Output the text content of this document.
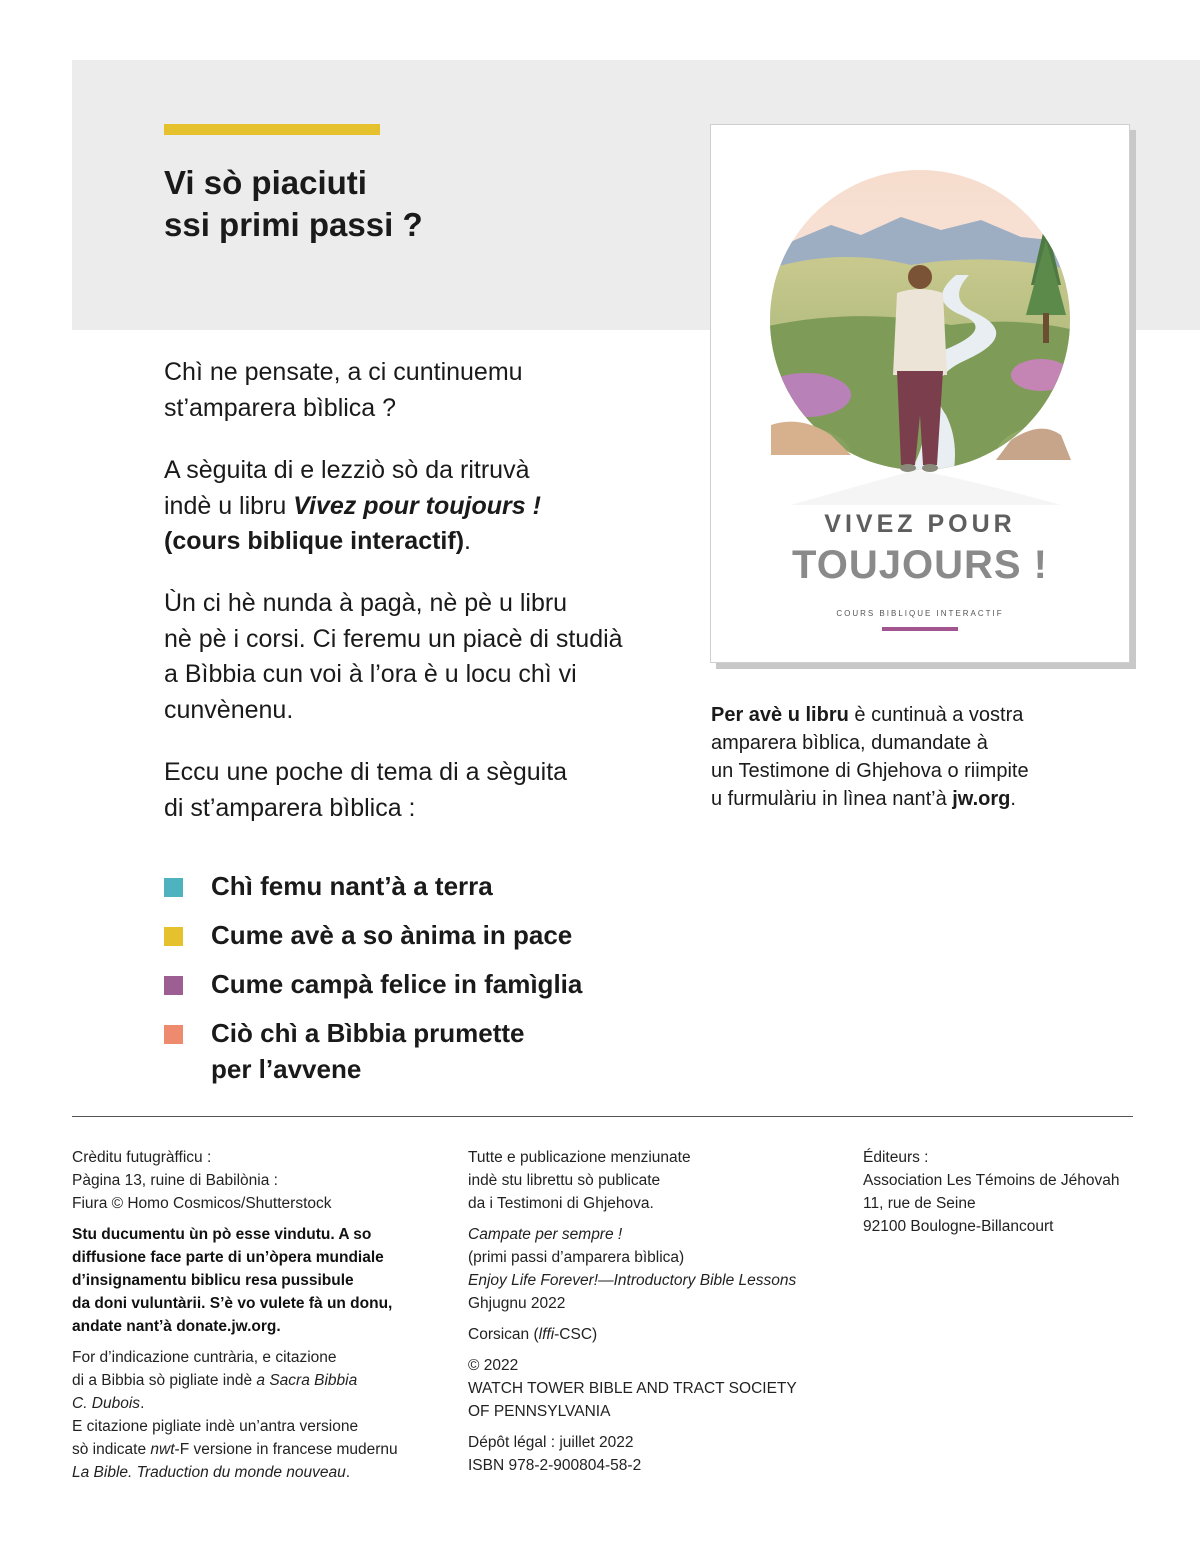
Vi sò piaciuti
ssi primi passi ?

Chì ne pensate, a ci cuntinuemu
st’amparera bìblica ?

A sèguita di e lezziò sò da ritruvà
indè u libru Vivez pour toujours !
(cours biblique interactif).

Ùn ci hè nunda à pagà, nè pè u libru
nè pè i corsi. Ci feremu un piacè di studià
a Bìbbia cun voi à l’ora è u locu chì vi
cunvènenu.

Eccu une poche di tema di a sèguita
di st’amparera bìblica :

Chì femu nant’à a terra
Cume avè a so ànima in pace
Cume campà felice in famìglia
Ciò chì a Bìbbia prumette
per l’avvene
VIVEZ POUR
TOUJOURS !
COURS BIBLIQUE INTERACTIF

Per avè u libru è cuntinuà a vostra
amparera bìblica, dumandate à
un Testimone di Ghjehova o riimpite
u furmulàriu in lìnea nant’à jw.org.

Crèditu futugràfficu :
Pàgina 13, ruine di Babilònia :
Fiura © Homo Cosmicos/Shutterstock

Stu ducumentu ùn pò esse vindutu. A so
diffusione face parte di un’òpera mundiale
d’insignamentu biblicu resa pussibule
da doni vuluntàrii. S’è vo vulete fà un donu,
andate nant’à donate.jw.org.

For d’indicazione cuntrària, e citazione
di a Bibbia sò pigliate indè a Sacra Bibbia
C. Dubois.
E citazione pigliate indè un’antra versione
sò indicate nwt-F versione in francese mudernu
La Bible. Traduction du monde nouveau.

Tutte e publicazione menziunate
indè stu librettu sò publicate
da i Testimoni di Ghjehova.

Campate per sempre !
(primi passi d’amparera bìblica)
Enjoy Life Forever!—Introductory Bible Lessons
Ghjugnu 2022

Corsican (lffi-CSC)

© 2022
WATCH TOWER BIBLE AND TRACT SOCIETY
OF PENNSYLVANIA

Dépôt légal : juillet 2022
ISBN 978-2-900804-58-2

Éditeurs :
Association Les Témoins de Jéhovah
11, rue de Seine
92100 Boulogne-Billancourt
